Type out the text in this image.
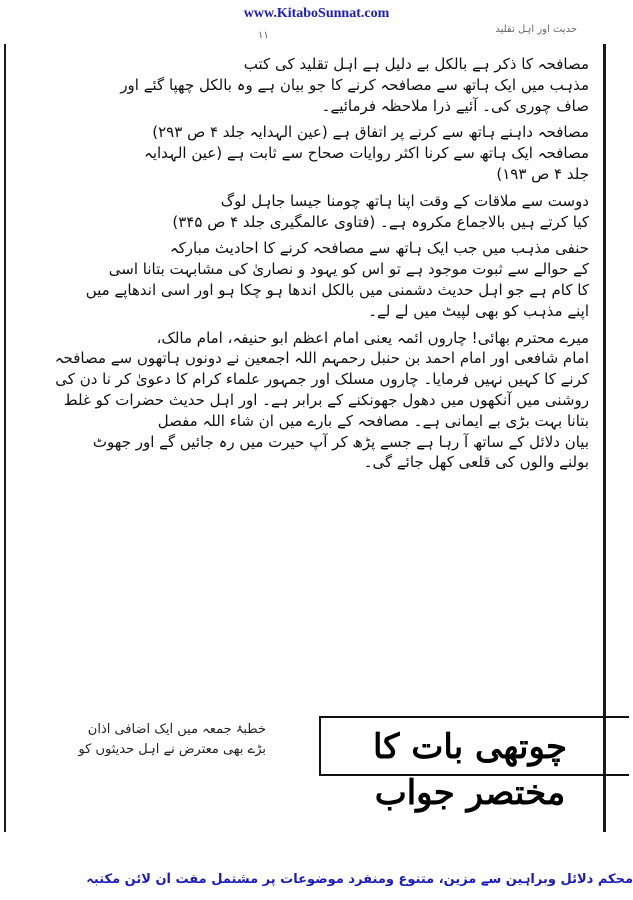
www.KitaboSunnat.com
حدیث اور اہل تقلید
۱۱
مصافحہ کا ذکر ہے بالکل بے دلیل ہے اہل تقلید کی کتب
مذہب میں ایک ہاتھ سے مصافحہ کرنے کا جو بیان ہے وہ بالکل چھپا گئے اور
صاف چوری کی۔ آئیے ذرا ملاحظہ فرمائیے۔
مصافحہ داہنے ہاتھ سے کرنے پر اتفاق ہے (عین الہدایہ جلد ۴ ص ۲۹۳)
مصافحہ ایک ہاتھ سے کرنا اکثر روایات صحاح سے ثابت ہے (عین الہدایہ
جلد ۴ ص ۱۹۳)
دوست سے ملاقات کے وقت اپنا ہاتھ چومنا جیسا جاہل لوگ
کیا کرتے ہیں بالاجماع مکروہ ہے۔ (فتاوی عالمگیری جلد ۴ ص ۳۴۵)
حنفی مذہب میں جب ایک ہاتھ سے مصافحہ کرنے کا احادیث مبارکہ
کے حوالے سے ثبوت موجود ہے تو اس کو یہود و نصاریٰ کی مشابہت بتانا اسی
کا کام ہے جو اہل حدیث دشمنی میں بالکل اندھا ہو چکا ہو اور اسی اندھاپے میں
اپنے مذہب کو بھی لپیٹ میں لے لے۔
میرے محترم بھائی! چاروں ائمہ یعنی امام اعظم ابو حنیفہ، امام مالک،
امام شافعی اور امام احمد بن حنبل رحمہم اللہ اجمعین نے دونوں ہاتھوں سے مصافحہ
کرنے کا کہیں نہیں فرمایا۔ چاروں مسلک اور جمہور علماء کرام کا دعویٰ کر نا دن کی
روشنی میں آنکھوں میں دھول جھونکنے کے برابر ہے۔ اور اہل حدیث حضرات کو غلط
بتانا بہت بڑی بے ایمانی ہے۔ مصافحہ کے بارے میں ان شاء اللہ مفصل
بیان دلائل کے ساتھ آ رہا ہے جسے پڑھ کر آپ حیرت میں رہ جائیں گے اور جھوٹ
بولنے والوں کی قلعی کھل جائے گی۔
چوتھی بات کا مختصر جواب
خطبۂ جمعہ میں ایک اضافی اذان
بڑے بھی معترض نے اہل حدیثوں کو
محکم دلائل وبراہین سے مزین، متنوع ومنفرد موضوعات پر مشتمل مفت آن لائن مکتبہ
